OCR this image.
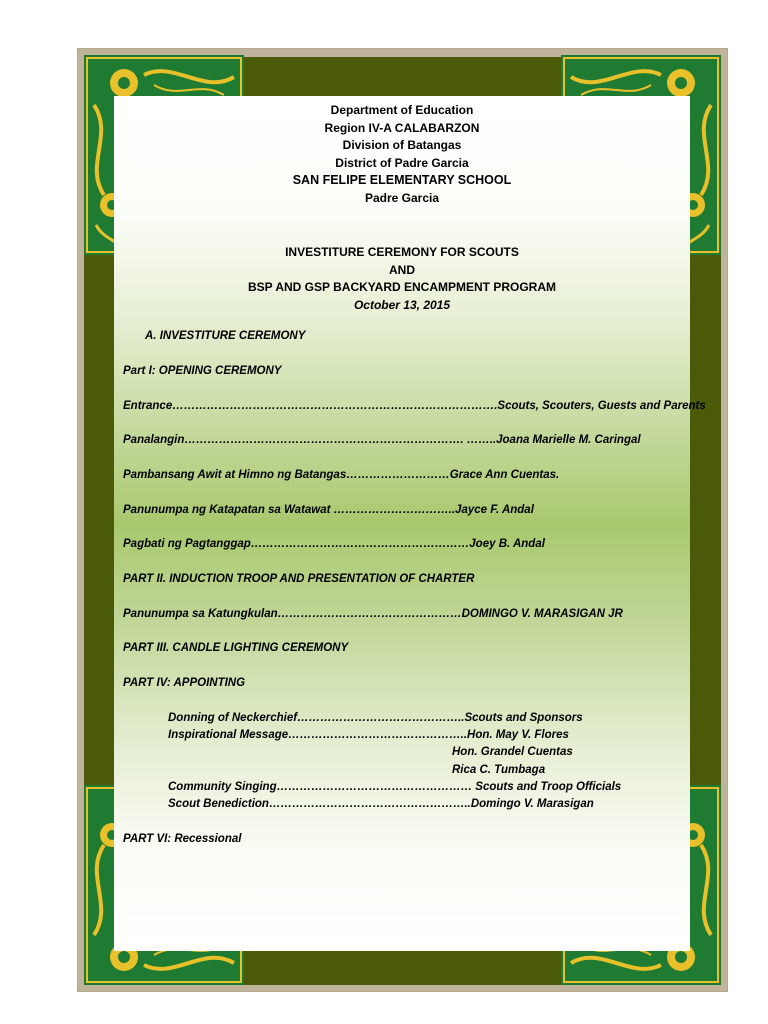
Department of Education
Region IV-A CALABARZON
Division of Batangas
District of Padre Garcia
SAN FELIPE ELEMENTARY SCHOOL
Padre Garcia
INVESTITURE CEREMONY FOR SCOUTS
AND
BSP AND GSP BACKYARD ENCAMPMENT PROGRAM
October 13, 2015
A. INVESTITURE CEREMONY
Part I: OPENING CEREMONY
Entrance………………………………………………………………………….Scouts, Scouters, Guests and Parents
Panalangin………………………………………………………………. ……..Joana Marielle M. Caringal
Pambansang Awit at Himno ng Batangas………………………Grace Ann Cuentas.
Panunumpa ng Katapatan sa Watawat …………………………..Jayce F. Andal
Pagbati ng Pagtanggap…………………………………………………Joey B. Andal
PART II. INDUCTION TROOP AND PRESENTATION OF CHARTER
Panunumpa sa Katungkulan…………………………………………DOMINGO V. MARASIGAN JR
PART III. CANDLE LIGHTING CEREMONY
PART IV: APPOINTING
Donning of Neckerchief……………………………………..Scouts and Sponsors
Inspirational Message………………………………………..Hon. May V. Flores
Hon. Grandel Cuentas
Rica C. Tumbaga
Community Singing…………………………………………… Scouts and Troop Officials
Scout Benediction……………………………………………..Domingo V. Marasigan
PART VI: Recessional
